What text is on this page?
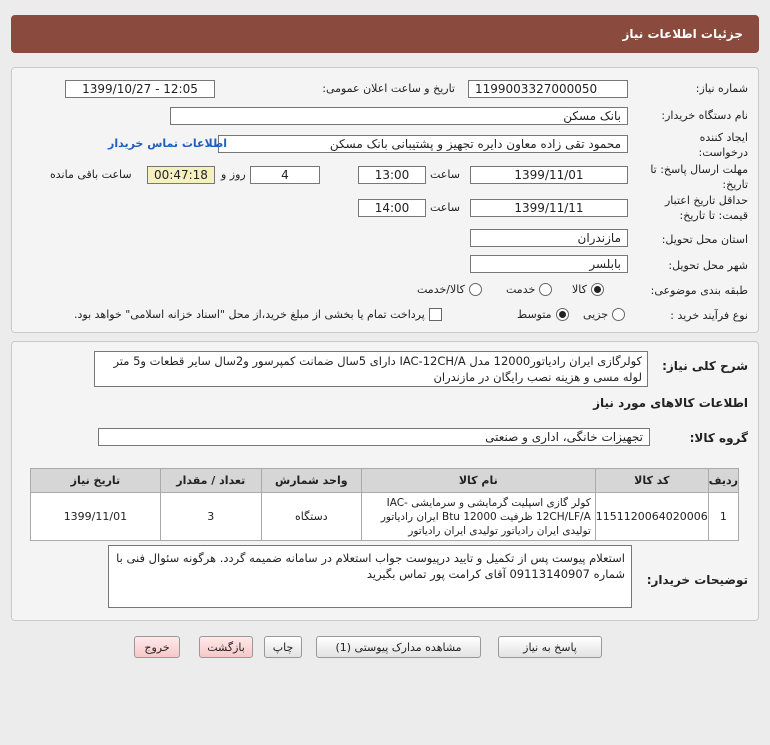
جزئیات اطلاعات نیاز
شماره نیاز:
1199003327000050
تاریخ و ساعت اعلان عمومی:
1399/10/27 - 12:05
نام دستگاه خریدار:
بانک مسکن
ایجاد کننده درخواست:
محمود تقی زاده معاون دایره تجهیز و پشتیبانی بانک مسکن
اطلاعات تماس خریدار
مهلت ارسال پاسخ: تا تاریخ:
1399/11/01
ساعت
13:00
4
روز و
00:47:18
ساعت باقی مانده
حداقل تاریخ اعتبار قیمت: تا تاریخ:
1399/11/11
ساعت
14:00
استان محل تحویل:
مازندران
شهر محل تحویل:
بابلسر
طبقه بندی موضوعی:
کالا
خدمت
کالا/خدمت
نوع فرآیند خرید :
جزیی
متوسط
پرداخت تمام یا بخشی از مبلغ خرید،از محل "اسناد خزانه اسلامی" خواهد بود.
شرح کلی نیاز:
کولرگازی ایران رادیاتور12000 مدل IAC-12CH/A دارای 5سال ضمانت کمپرسور و2سال سایر قطعات و5 متر لوله مسی و هزینه نصب رایگان در مازندران
اطلاعات کالاهای مورد نیاز
گروه کالا:
تجهیزات خانگی، اداری و صنعتی
ردیف	کد کالا	نام کالا	واحد شمارش	تعداد / مقدار	تاریخ نیاز
1	1151120064020006	کولر گازی اسپلیت گرمایشی و سرمایشی IAC-12CH/LF/A ظرفیت 12000 Btu ایران رادیاتور تولیدی ایران رادیاتور تولیدی ایران رادیاتور	دستگاه	3	1399/11/01
توضیحات خریدار:
استعلام پیوست پس از تکمیل و تایید درپیوست جواب استعلام در سامانه ضمیمه گردد. هرگونه سئوال فنی با شماره 09113140907 آقای کرامت پور تماس بگیرید
پاسخ به نیاز
مشاهده مدارک پیوستی (1)
چاپ
بازگشت
خروج
